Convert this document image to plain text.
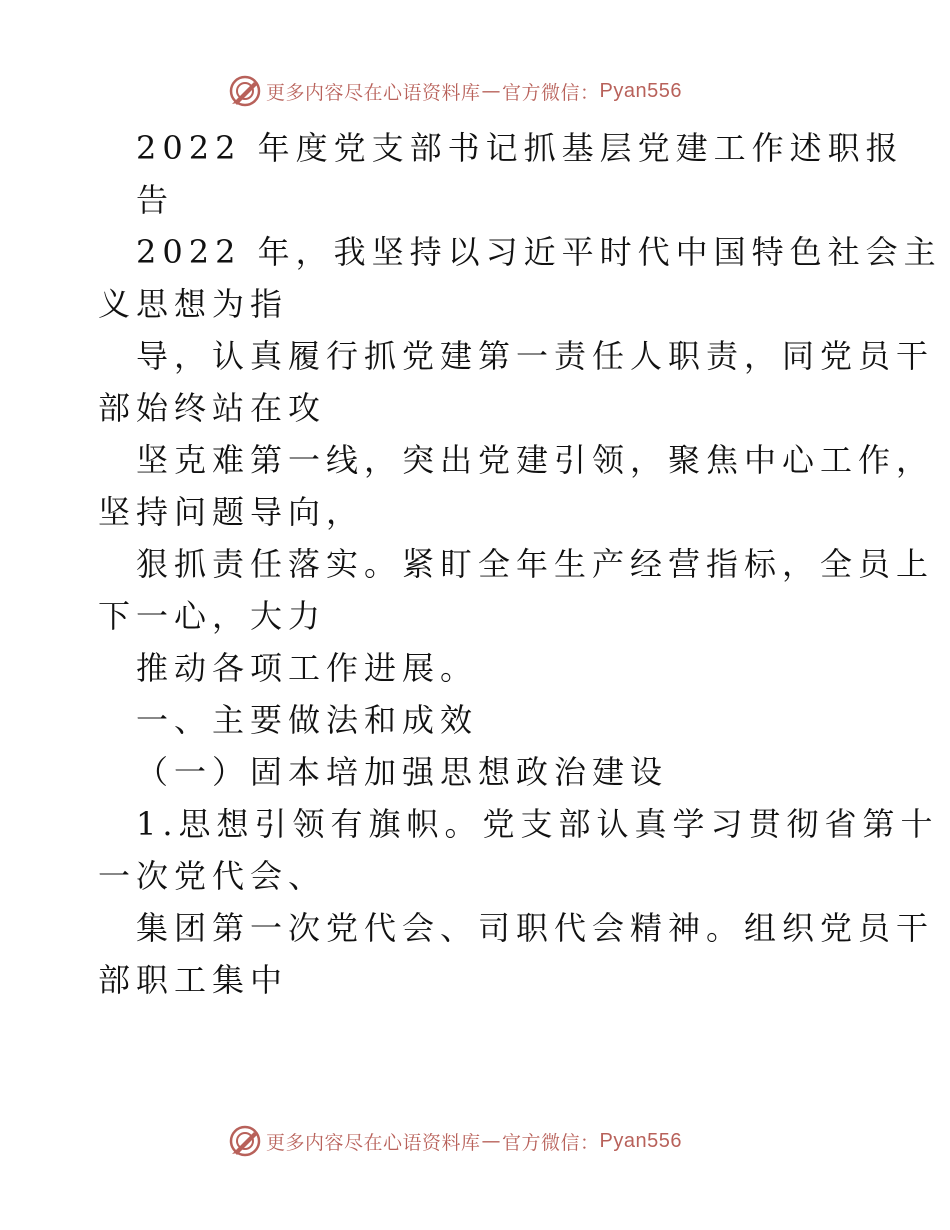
更多内容尽在心语资料库 — 官方微信： Pyan556
2022 年度党支部书记抓基层党建工作述职报
告
2022 年，我坚持以习近平时代中国特色社会主
义思想为指
导，认真履行抓党建第一责任人职责，同党员干
部始终站在攻
坚克难第一线，突出党建引领，聚焦中心工作，
坚持问题导向，
狠抓责任落实。紧盯全年生产经营指标，全员上
下一心，大力
推动各项工作进展。
一、主要做法和成效
（一）固本培加强思想政治建设
1.思想引领有旗帜。党支部认真学习贯彻省第十
一次党代会、
集团第一次党代会、司职代会精神。组织党员干
部职工集中
更多内容尽在心语资料库 — 官方微信： Pyan556
